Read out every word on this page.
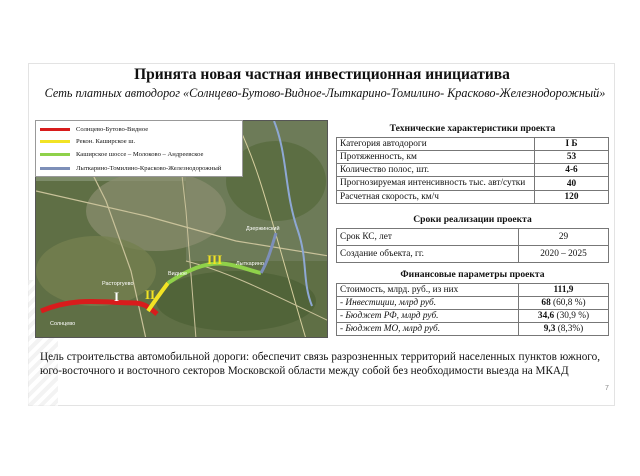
Принята новая частная инвестиционная инициатива
Сеть платных автодорог «Солнцево-Бутово-Видное-Лыткарино-Томилино- Красково-Железнодорожный»
I II
III
Дзержинский
Лыткарино
Видное
Расторгуево
Солнцево
Солнцево-Бутово-Видное
Рекон. Каширское ш.
Каширское шоссе – Молоково – Андреевское
Лыткарино-Томилино-Красково-Железнодорожный
Технические характеристики проекта
Категория автодороги	I Б
Протяженность, км	53
Количество полос, шт.	4-6
Прогнозируемая интенсивность тыс. авт/сутки	40
Расчетная скорость, км/ч	120
Сроки реализации проекта
Срок КС, лет	29
Создание объекта, гг.	2020 – 2025
Финансовые параметры проекта
Стоимость, млрд. руб., из них	111,9
- Инвестиции, млрд руб.	68 (60,8 %)
- Бюджет РФ, млрд руб.	34,6 (30,9 %)
- Бюджет МО, млрд руб.	9,3 (8,3%)
Цель строительства автомобильной дороги: обеспечит связь разрозненных территорий населенных пунктов южного, юго-восточного и восточного секторов Московской области между собой без необходимости выезда на МКАД
7
